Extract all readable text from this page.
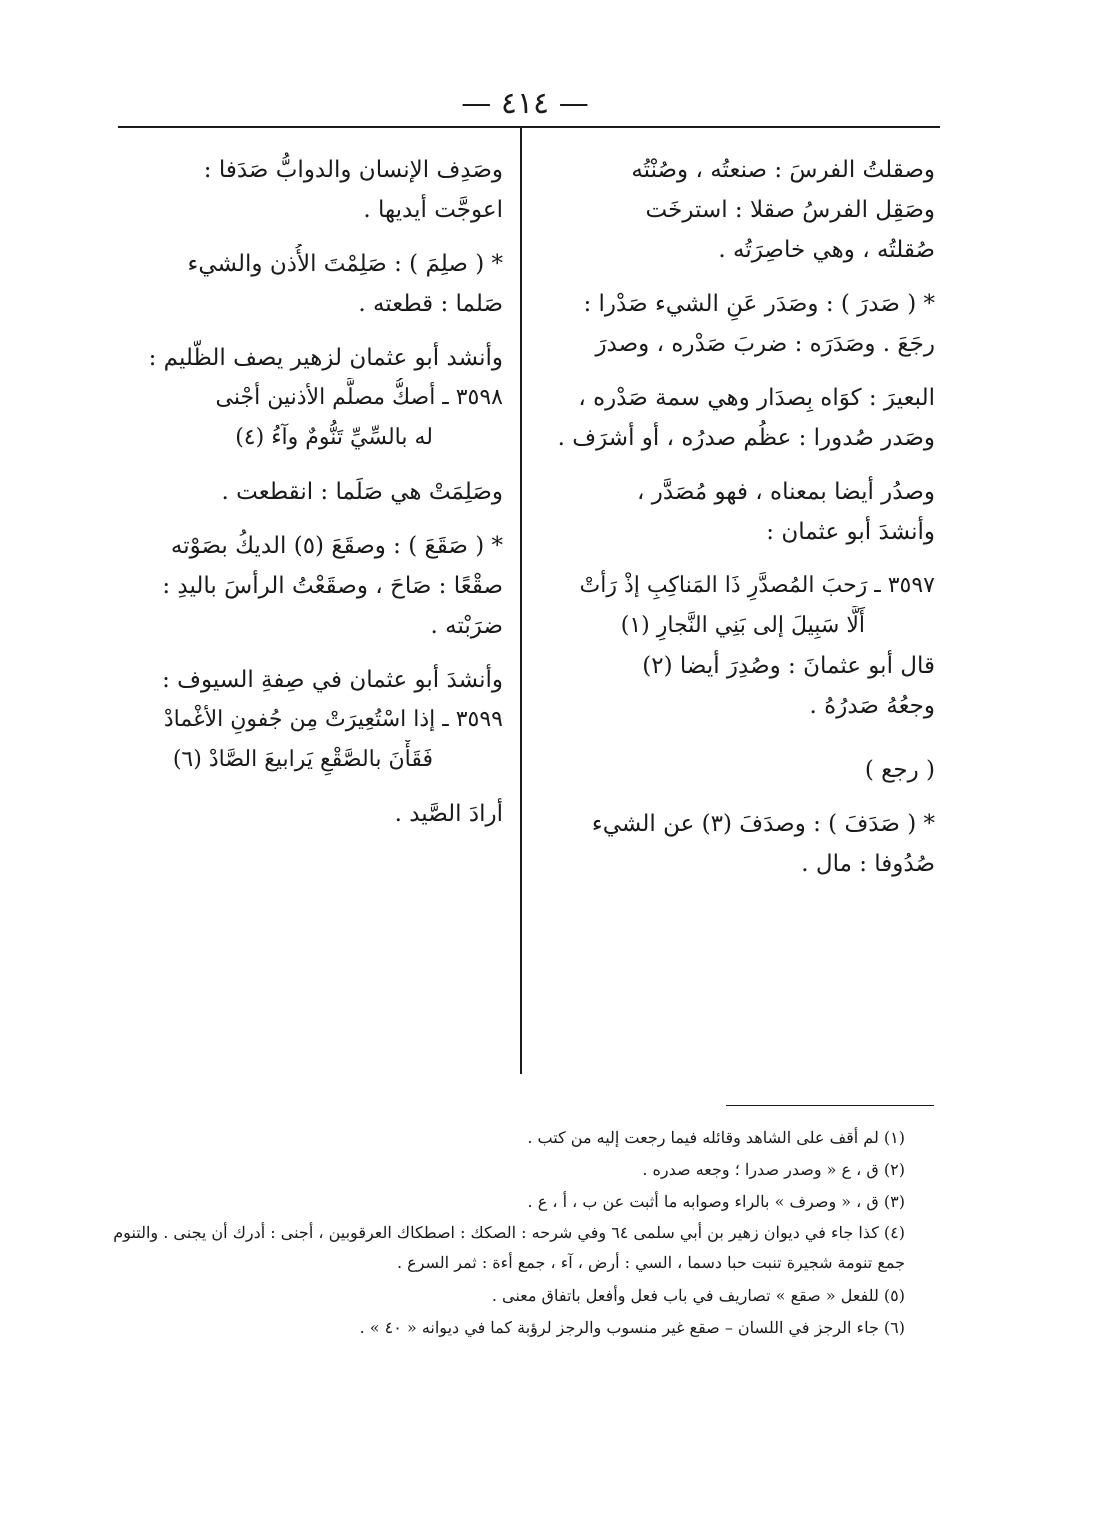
— ٤١٤ —
وصقلتُ الفرسَ : صنعتُه ، وصُنْتُه
وصَقِل الفرسُ صقلا : استرخَت
صُقلتُه ، وهي خاصِرَتُه .
* ( صَدرَ ) : وصَدَر عَنِ الشيء صَدْرا :
رجَعَ . وصَدَرَه : ضربَ صَدْره ، وصدرَ
البعيرَ : كوَاه بِصدَار وهي سمة صَدْره ،
وصَدر صُدورا : عظُم صدرُه ، أو أشرَف .
وصدُر أيضا بمعناه ، فهو مُصَدَّر ،
وأنشدَ أبو عثمان :
٣٥٩٧ ـ رَحبَ المُصدَّرِ ذَا المَناكِبِ إذْ رَأتْ
أَلَّا سَبِيلَ إلى بَنِي النَّجارِ (١)
قال أبو عثمانَ : وصُدِرَ أيضا (٢)
وجعُهُ صَدرُهُ .
( رجع )
* ( صَدَفَ ) : وصدَفَ (٣) عن الشيء
صُدُوفا : مال .
وصَدِف الإنسان والدوابُّ صَدَفا :
اعوجَّت أيديها .
* ( صلِمَ ) : صَلِمْتَ الأُذن والشيء
صَلما : قطعته .
وأنشد أبو عثمان لزهير يصف الظّليم :
٣٥٩٨ ـ أصكُّ مصلَّم الأذنين أجْنى
له بالسِّيِّ تَنُّومٌ وآءُ (٤)
وصَلِمَتْ هي صَلَما : انقطعت .
* ( صَقَعَ ) : وصقَعَ (٥) الديكُ بصَوْته
صقْعًا : صَاحَ ، وصقَعْتُ الرأسَ باليدِ :
ضرَبْته .
وأنشدَ أبو عثمان في صِفةِ السيوف :
٣٥٩٩ ـ إذا اسْتُعِيرَتْ مِن جُفونِ الأغْمادْ
فَقَأْنَ بالصَّقْعِ يَرابيعَ الصَّادْ (٦)
أرادَ الصَّيد .
(١) لم أقف على الشاهد وقائله فيما رجعت إليه من كتب .
(٢) ق ، ع « وصدر صدرا ؛ وجعه صدره .
(٣) ق ، « وصرف » بالراء وصوابه ما أثبت عن ب ، أ ، ع .
(٤) كذا جاء في ديوان زهير بن أبي سلمى ٦٤ وفي شرحه : الصكك : اصطكاك العرقوبين ، أجنى : أدرك أن يجنى . والتنوم جمع تنومة شجيرة تنبت حبا دسما ، السي : أرض ، آء ، جمع أءة : ثمر السرع .
(٥) للفعل « صقع » تصاريف في باب فعل وأفعل باتفاق معنى .
(٦) جاء الرجز في اللسان – صقع غير منسوب والرجز لرؤبة كما في ديوانه « ٤٠ » .
